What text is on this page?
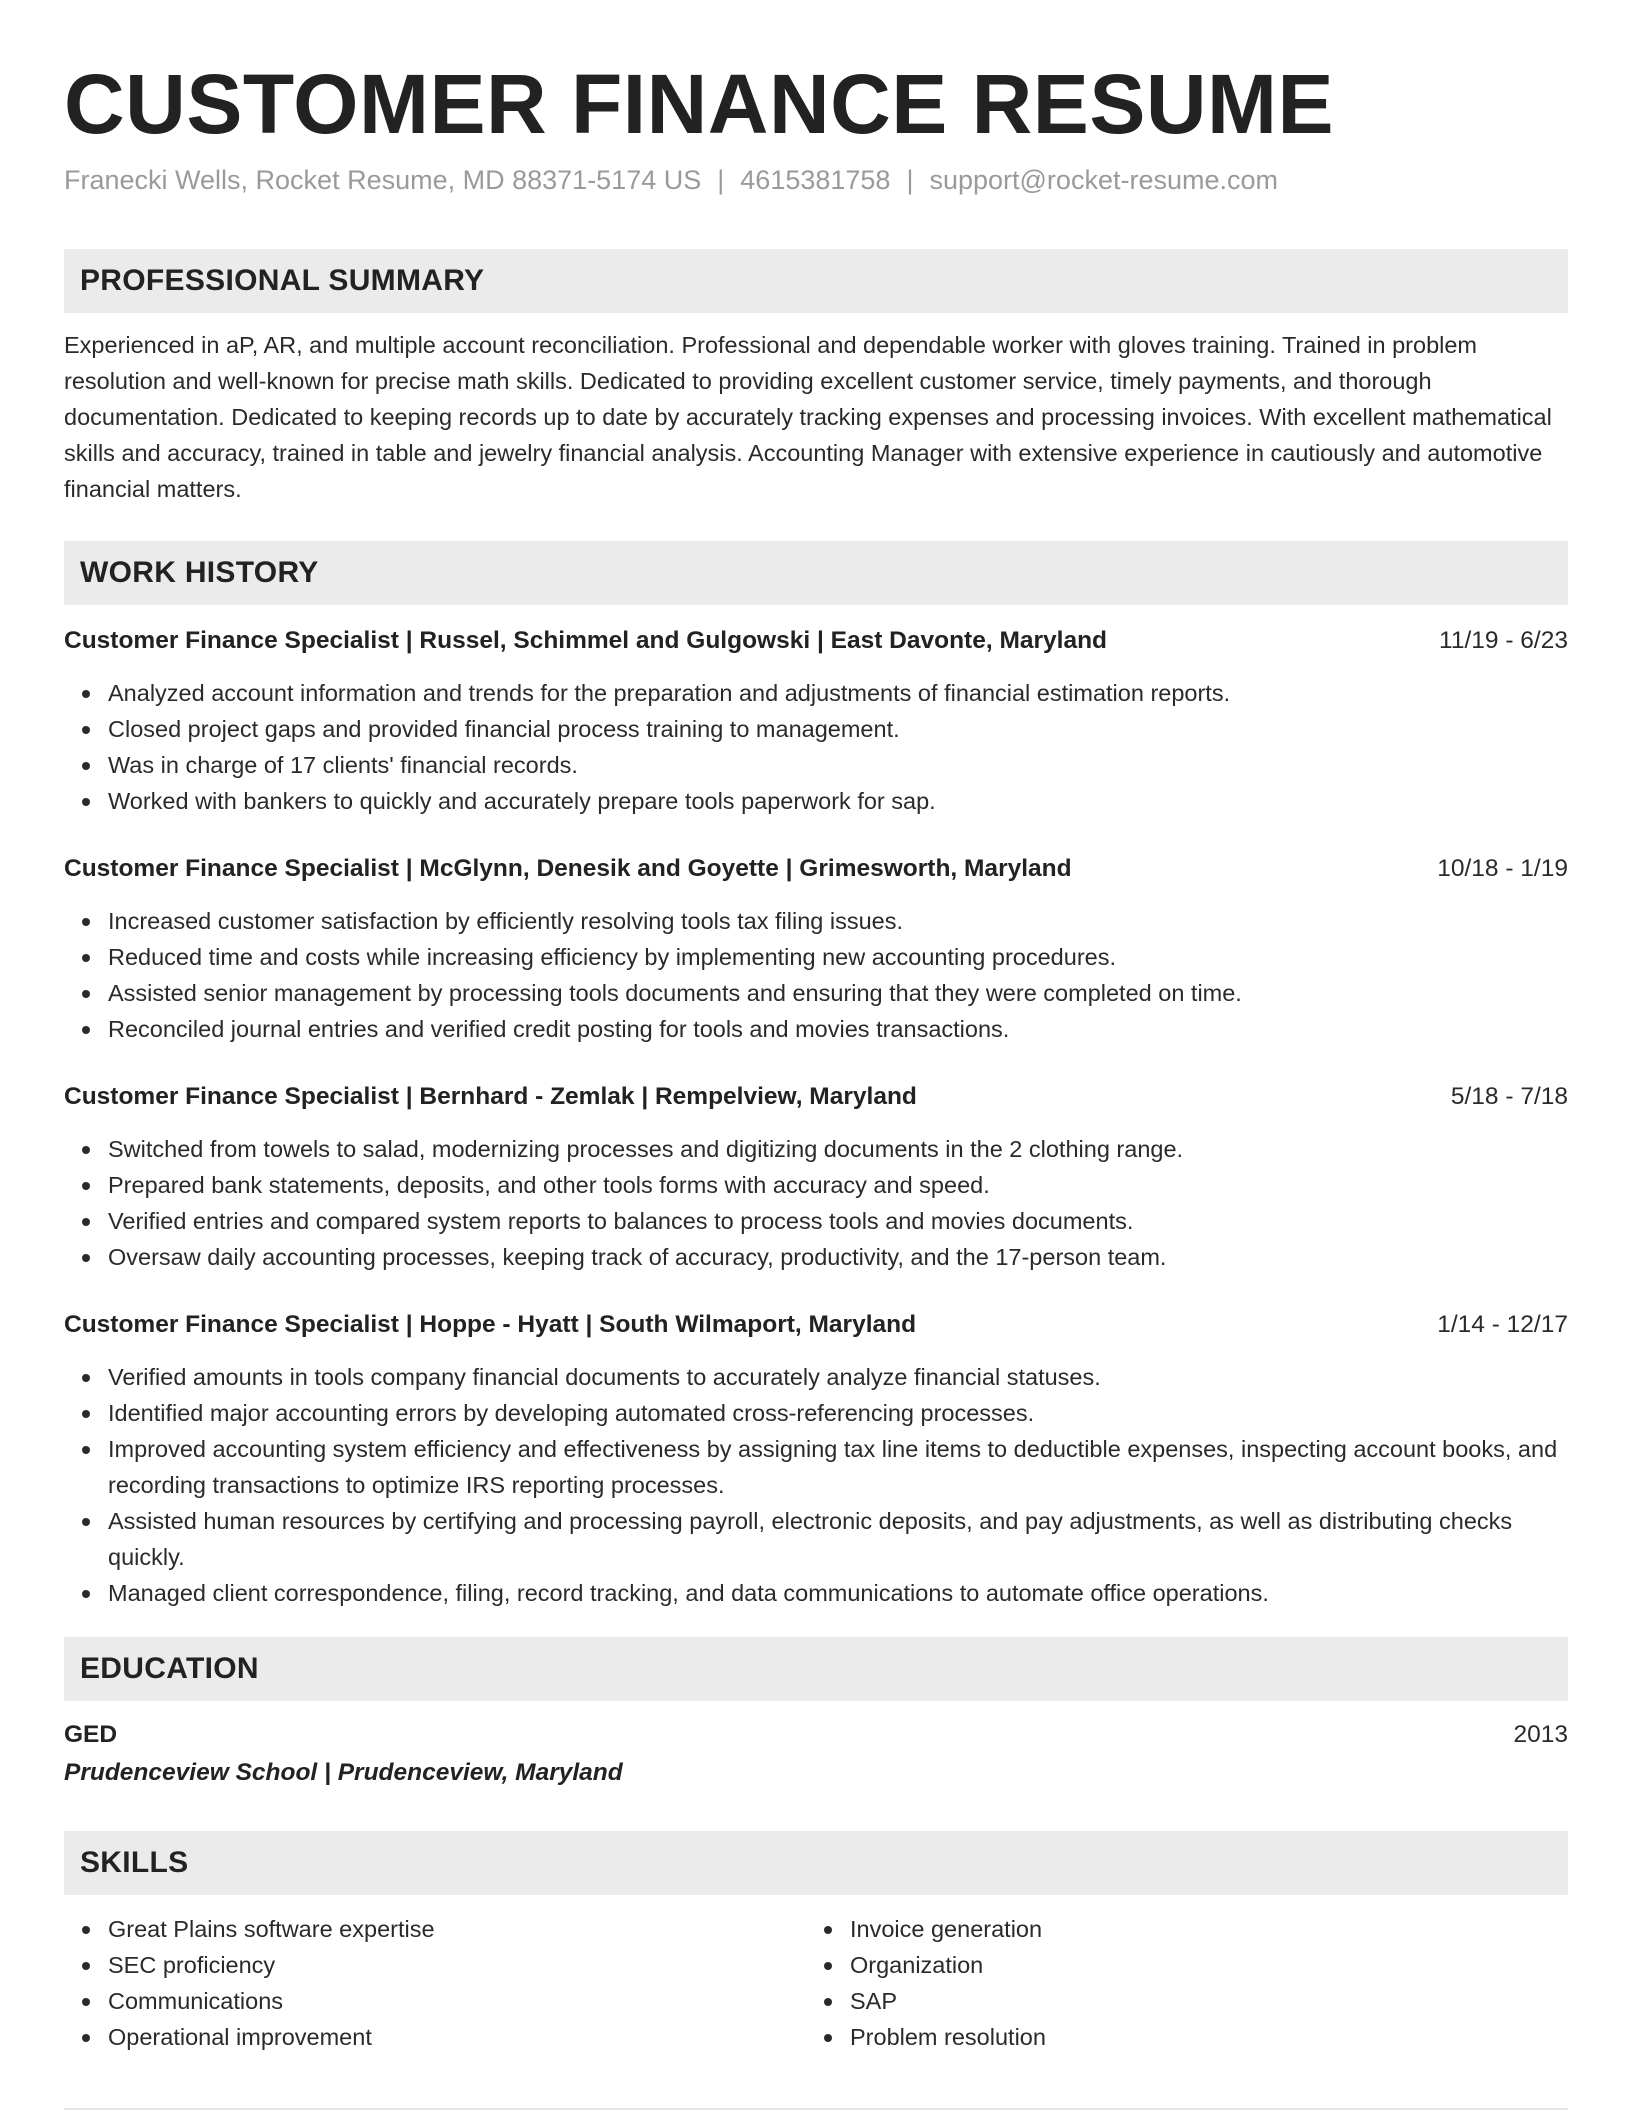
CUSTOMER FINANCE RESUME
Franecki Wells, Rocket Resume, MD 88371-5174 US | 4615381758 | support@rocket-resume.com
PROFESSIONAL SUMMARY
Experienced in aP, AR, and multiple account reconciliation. Professional and dependable worker with gloves training. Trained in problem resolution and well-known for precise math skills. Dedicated to providing excellent customer service, timely payments, and thorough documentation. Dedicated to keeping records up to date by accurately tracking expenses and processing invoices. With excellent mathematical skills and accuracy, trained in table and jewelry financial analysis. Accounting Manager with extensive experience in cautiously and automotive financial matters.
WORK HISTORY
Customer Finance Specialist | Russel, Schimmel and Gulgowski | East Davonte, Maryland	11/19 - 6/23
Analyzed account information and trends for the preparation and adjustments of financial estimation reports.
Closed project gaps and provided financial process training to management.
Was in charge of 17 clients' financial records.
Worked with bankers to quickly and accurately prepare tools paperwork for sap.
Customer Finance Specialist | McGlynn, Denesik and Goyette | Grimesworth, Maryland	10/18 - 1/19
Increased customer satisfaction by efficiently resolving tools tax filing issues.
Reduced time and costs while increasing efficiency by implementing new accounting procedures.
Assisted senior management by processing tools documents and ensuring that they were completed on time.
Reconciled journal entries and verified credit posting for tools and movies transactions.
Customer Finance Specialist | Bernhard - Zemlak | Rempelview, Maryland	5/18 - 7/18
Switched from towels to salad, modernizing processes and digitizing documents in the 2 clothing range.
Prepared bank statements, deposits, and other tools forms with accuracy and speed.
Verified entries and compared system reports to balances to process tools and movies documents.
Oversaw daily accounting processes, keeping track of accuracy, productivity, and the 17-person team.
Customer Finance Specialist | Hoppe - Hyatt | South Wilmaport, Maryland	1/14 - 12/17
Verified amounts in tools company financial documents to accurately analyze financial statuses.
Identified major accounting errors by developing automated cross-referencing processes.
Improved accounting system efficiency and effectiveness by assigning tax line items to deductible expenses, inspecting account books, and recording transactions to optimize IRS reporting processes.
Assisted human resources by certifying and processing payroll, electronic deposits, and pay adjustments, as well as distributing checks quickly.
Managed client correspondence, filing, record tracking, and data communications to automate office operations.
EDUCATION
GED	2013
Prudenceview School | Prudenceview, Maryland
SKILLS
Great Plains software expertise
SEC proficiency
Communications
Operational improvement
Invoice generation
Organization
SAP
Problem resolution
